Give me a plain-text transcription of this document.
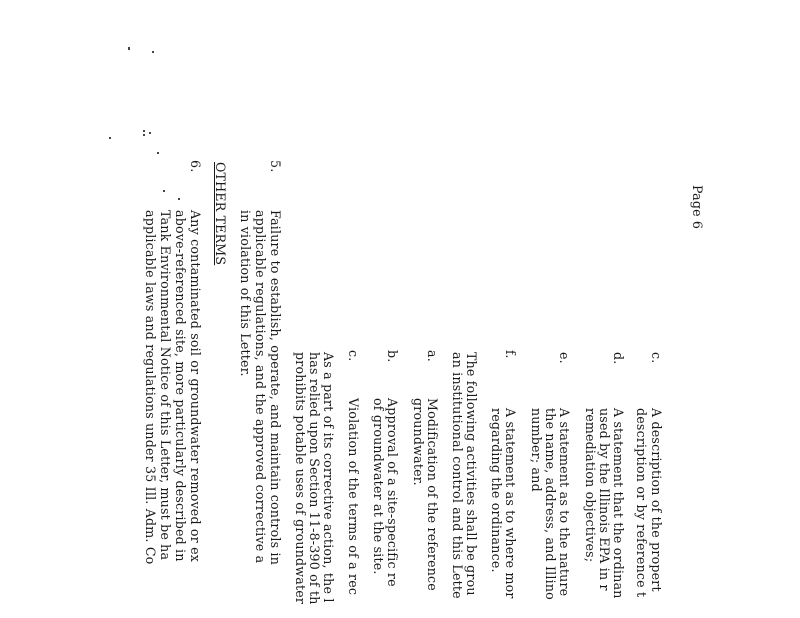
Page 6
c.
A description of the propert
description or by reference t
d.
A statement that the ordinan
used by the Illinois EPA in r
remediation objectives;
e.
A statement as to the nature
the name, address, and Illino
number; and
f.
A statement as to where mor
regarding the ordinance.
The following activities shall be grou
an institutional control and this Lette
a.
Modification of the reference
groundwater.
b.
Approval of a site-specific re
of groundwater at the site.
c.
Violation of the terms of a rec
As a part of its corrective action, the l
has relied upon Section 11-8-390 of th
prohibits potable uses of groundwater
5.
Failure to establish, operate, and maintain controls in
applicable regulations, and the approved corrective a
in violation of this Letter.
OTHER TERMS
6.
Any contaminated soil or groundwater removed or ex
above-referenced site, more particularly described in
Tank Environmental Notice of this Letter, must be ha
applicable laws and regulations under 35 Ill. Adm. Co
